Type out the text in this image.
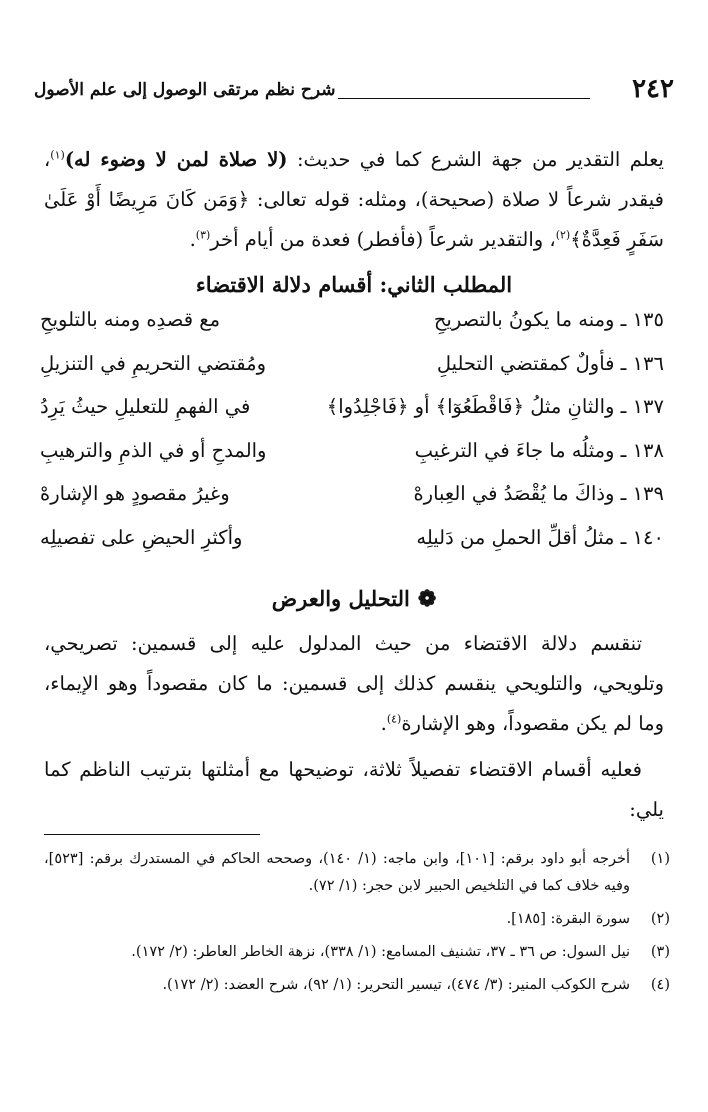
٢٤٢
شرح نظم مرتقى الوصول إلى علم الأصول

يعلم التقدير من جهة الشرع كما في حديث: (لا صلاة لمن لا وضوء له)$^{(١)}$، فيقدر شرعاً لا صلاة (صحيحة)، ومثله: قوله تعالى: ﴿وَمَن كَانَ مَرِيضًا أَوْ عَلَىٰ سَفَرٍ فَعِدَّةٌ﴾$^{(٢)}$، والتقدير شرعاً (فأفطر) فعدة من أيام أخر$^{(٣)}$.

المطلب الثاني: أقسام دلالة الاقتضاء
١٣٥ ـ ومنه ما يكونُ بالتصريحِ
مع قصدِه ومنه بالتلويحِ
١٣٦ ـ فأولٌ كمقتضي التحليلِ
ومُقتضي التحريمِ في التنزيلِ
١٣٧ ـ والثانِ مثلُ ﴿فَاقْطَعُوٓا﴾ أو ﴿فَاجْلِدُوا﴾
في الفهمِ للتعليلِ حيثُ يَرِدُ
١٣٨ ـ ومثلُه ما جاءَ في الترغيبِ
والمدحِ أو في الذمِ والترهيبِ
١٣٩ ـ وذاكَ ما يُقْصَدُ في العِبارهْ
وغيرُ مقصودٍ هو الإشارهْ
١٤٠ ـ مثلُ أقلِّ الحملِ من دَليلِه
وأكثرِ الحيضِ على تفصيلِه
❁التحليل والعرض

تنقسم دلالة الاقتضاء من حيث المدلول عليه إلى قسمين: تصريحي، وتلويحي، والتلويحي ينقسم كذلك إلى قسمين: ما كان مقصوداً وهو الإيماء، وما لم يكن مقصوداً، وهو الإشارة$^{(٤)}$.

فعليه أقسام الاقتضاء تفصيلاً ثلاثة، توضيحها مع أمثلتها بترتيب الناظم كما يلي:

(١)
أخرجه أبو داود برقم: [١٠١]، وابن ماجه: (١/ ١٤٠)، وصححه الحاكم في المستدرك برقم: [٥٢٣]، وفيه خلاف كما في التلخيص الحبير لابن حجر: (١/ ٧٢).
(٢)
سورة البقرة: [١٨٥].
(٣)
نيل السول: ص ٣٦ ـ ٣٧، تشنيف المسامع: (١/ ٣٣٨)، نزهة الخاطر العاطر: (٢/ ١٧٢).
(٤)
شرح الكوكب المنير: (٣/ ٤٧٤)، تيسير التحرير: (١/ ٩٢)، شرح العضد: (٢/ ١٧٢).
